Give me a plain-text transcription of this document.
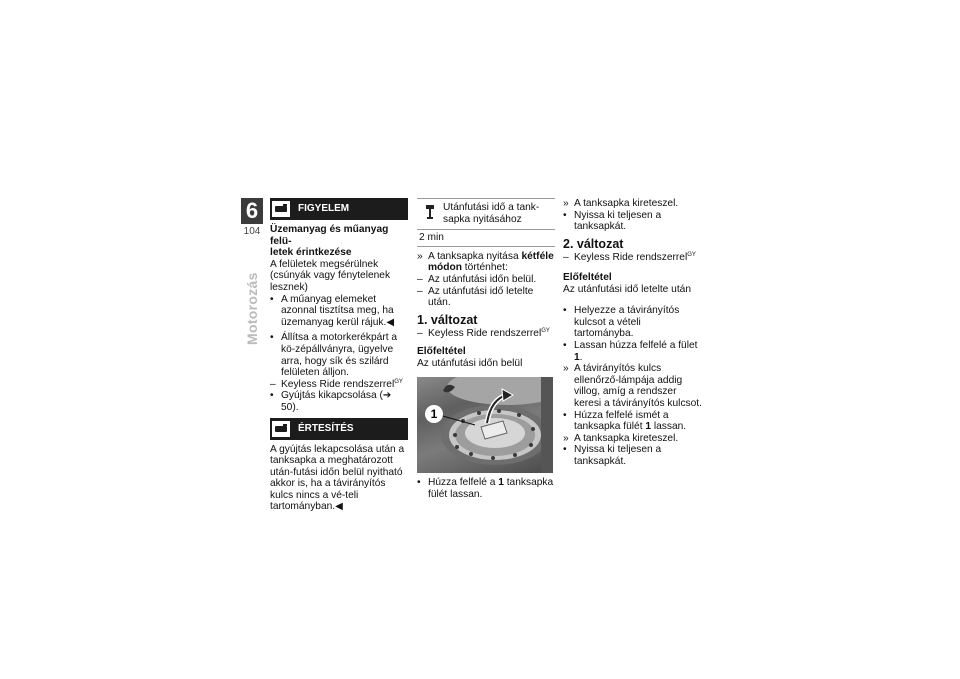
6
104
Motorozás
FIGYELEM
Üzemanyag és műanyag felü-
letek érintkezése

A felületek megsérülnek (csúnyák vagy fénytelenek lesznek)

• A műanyag elemeket azonnal tisztítsa meg, ha üzemanyag kerül rájuk.◀
• Állítsa a motorkerékpárt a kö-zépállványra, ügyelve arra, hogy sík és szilárd felületen álljon.
– Keyless Ride rendszerrel$^{GY}$
• Gyújtás kikapcsolása (➔ 50).
ÉRTESÍTÉS

A gyújtás lekapcsolása után a tanksapka a meghatározott után-futási időn belül nyitható akkor is, ha a távirányítós kulcs nincs a vé-teli tartományban.◀

Utánfutási idő a tank-sapka nyitásához
2 min
» A tanksapka nyitása kétféle módon történhet:
– Az utánfutási időn belül.
– Az utánfutási idő letelte után.
1. változat
– Keyless Ride rendszerrel$^{GY}$
Előfeltétel

Az utánfutási időn belül

1
• Húzza felfelé a 1 tanksapka fülét lassan.
» A tanksapka kireteszel.
• Nyissa ki teljesen a tanksapkát.
2. változat
– Keyless Ride rendszerrel$^{GY}$
Előfeltétel

Az utánfutási idő letelte után

• Helyezze a távirányítós kulcsot a vételi tartományba.
• Lassan húzza felfelé a fület 1.
» A távirányítós kulcs ellenőrző-lámpája addig villog, amíg a rendszer keresi a távirányítós kulcsot.
• Húzza felfelé ismét a tanksapka fülét 1 lassan.
» A tanksapka kireteszel.
• Nyissa ki teljesen a tanksapkát.
